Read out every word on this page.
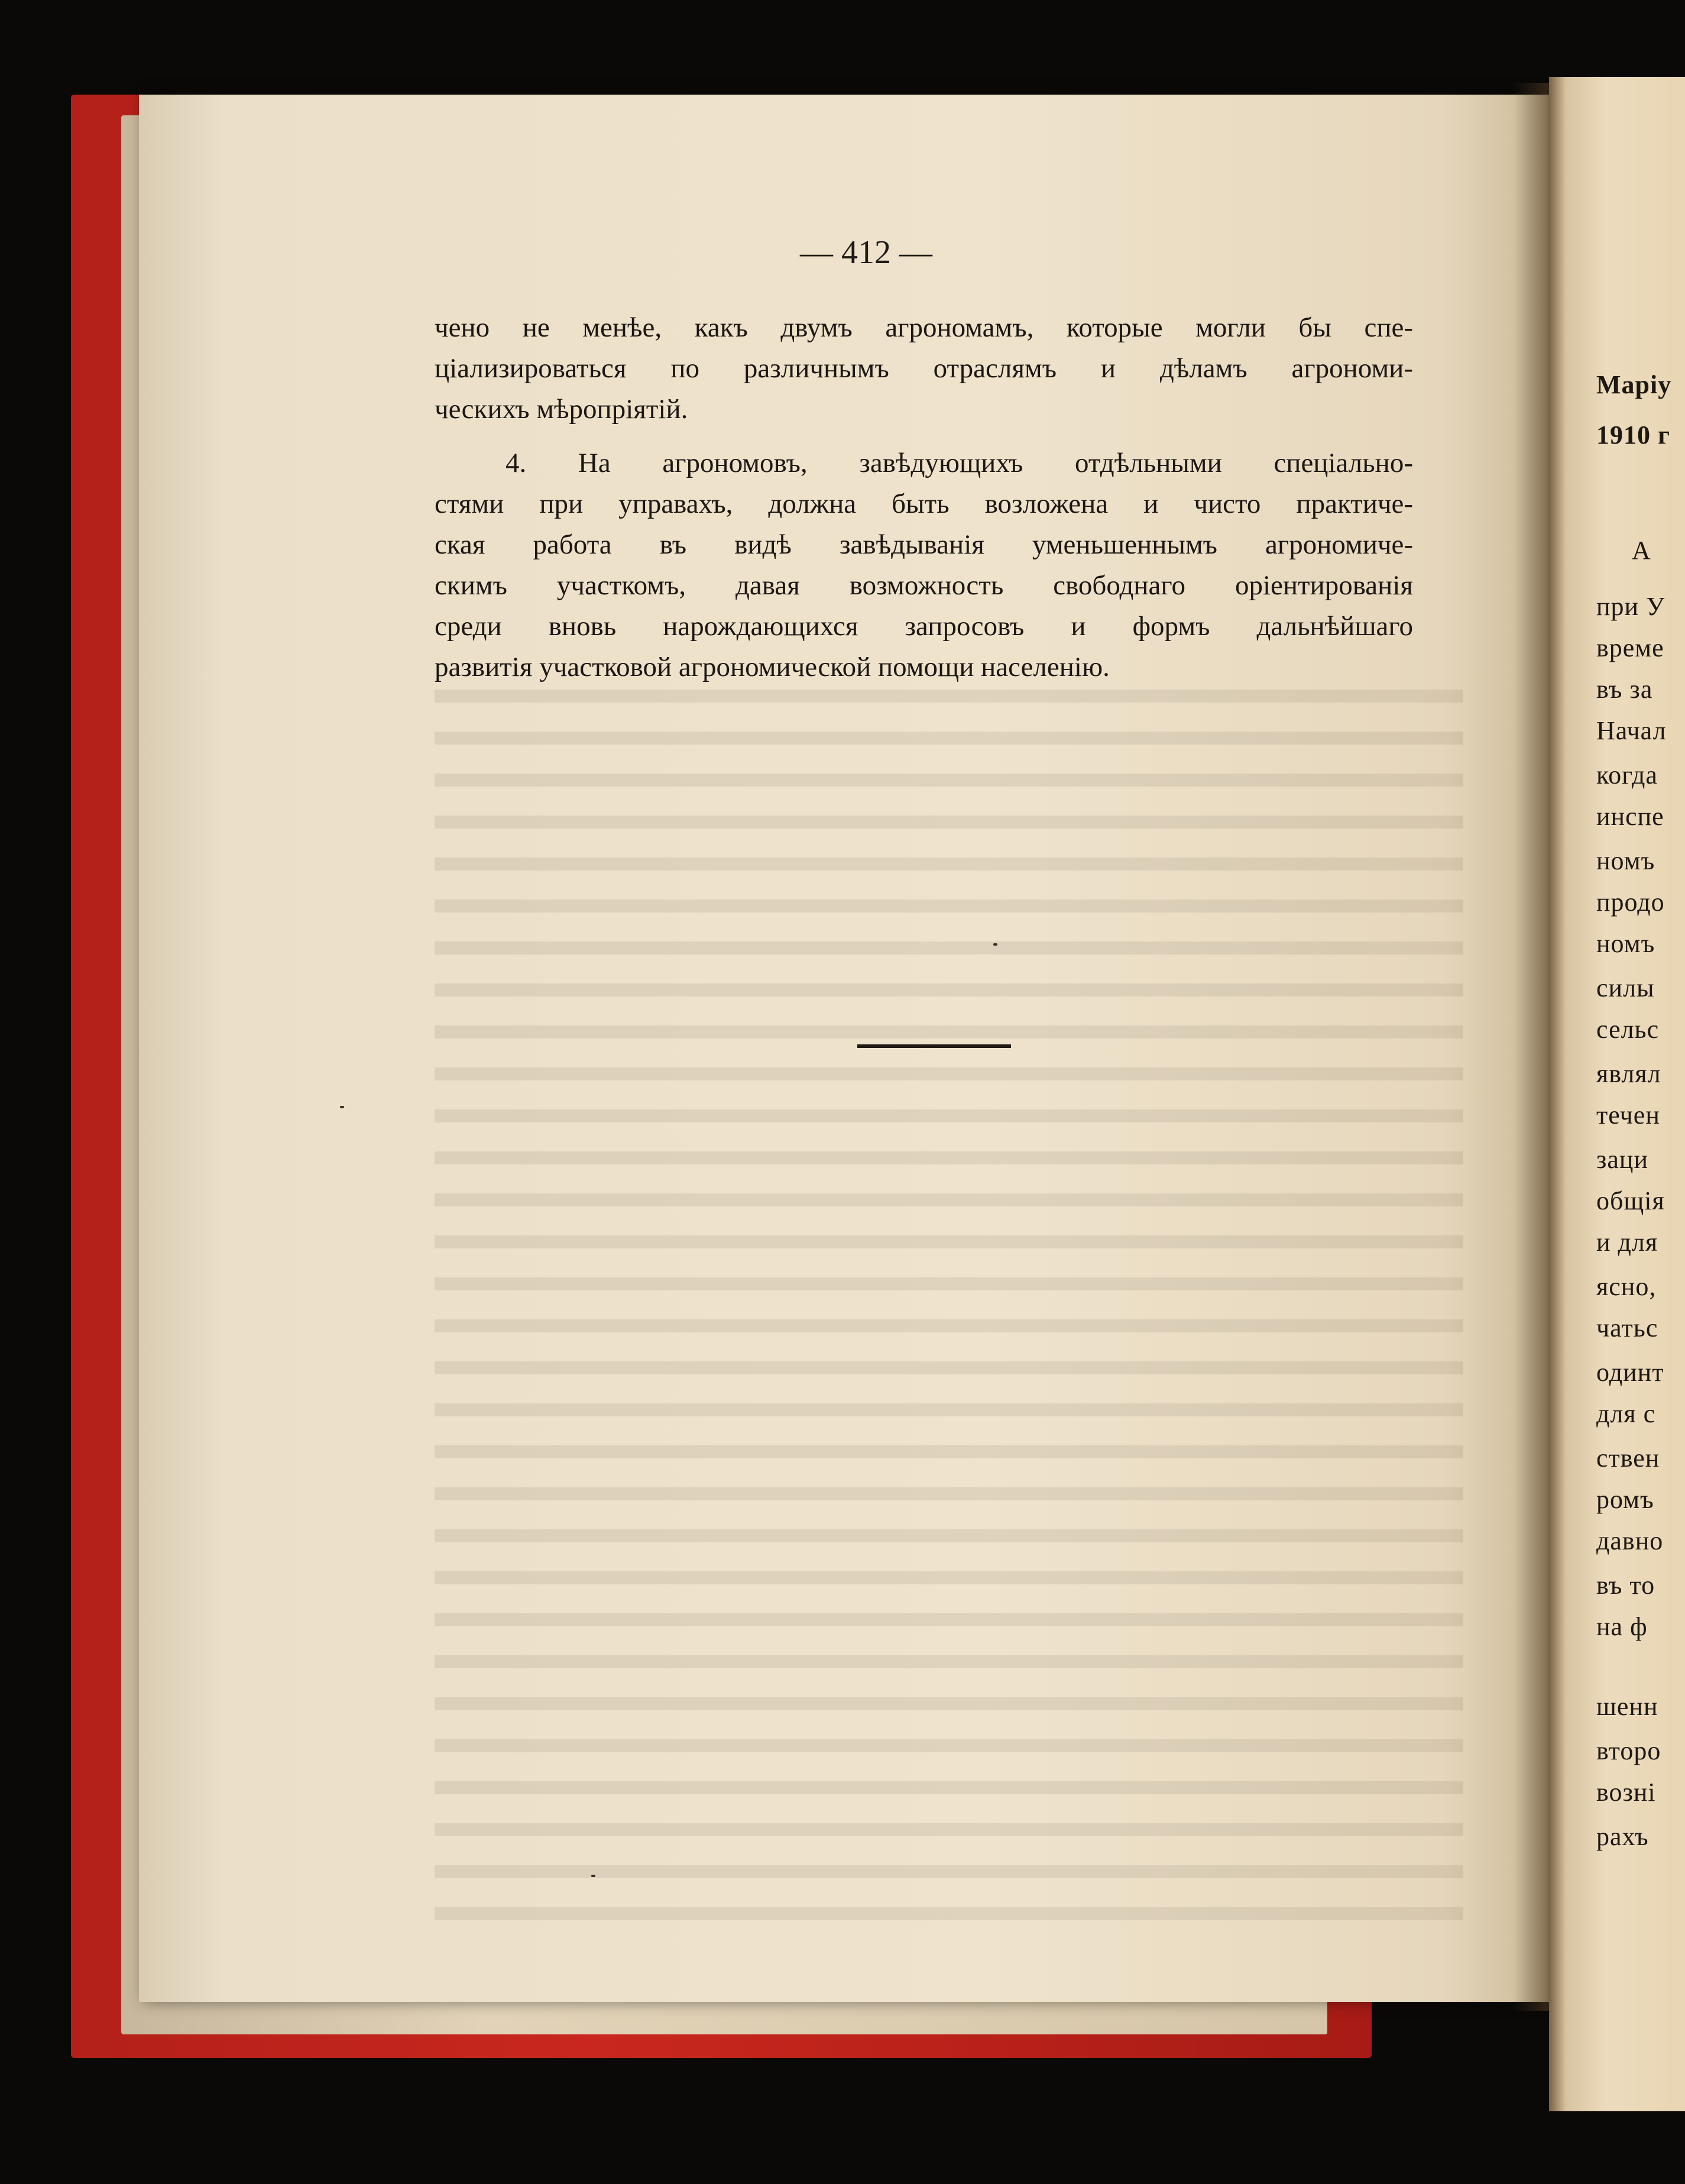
— 412 —
чено не менѣе, какъ двумъ агрономамъ, которые могли бы спе-
ціализироваться по различнымъ отраслямъ и дѣламъ агрономи-
ческихъ мѣропріятій.
4. На агрономовъ, завѣдующихъ отдѣльными спеціально-
стями при управахъ, должна быть возложена и чисто практиче-
ская работа въ видѣ завѣдыванія уменьшеннымъ агрономиче-
скимъ участкомъ, давая возможность свободнаго оріентированія
среди вновь нарождающихся запросовъ и формъ дальнѣйшаго
развитія участковой агрономической помощи населенію.
Маріу
1910 г
А
при У
време
въ за
Начал
когда
инспе
номъ
продо
номъ
силы
сельс
являл
течен
заци
общія
и для
ясно,
чатьс
одинт
для с
ствен
ромъ
давно
въ то
на ф
шенн
второ
возні
рахъ
